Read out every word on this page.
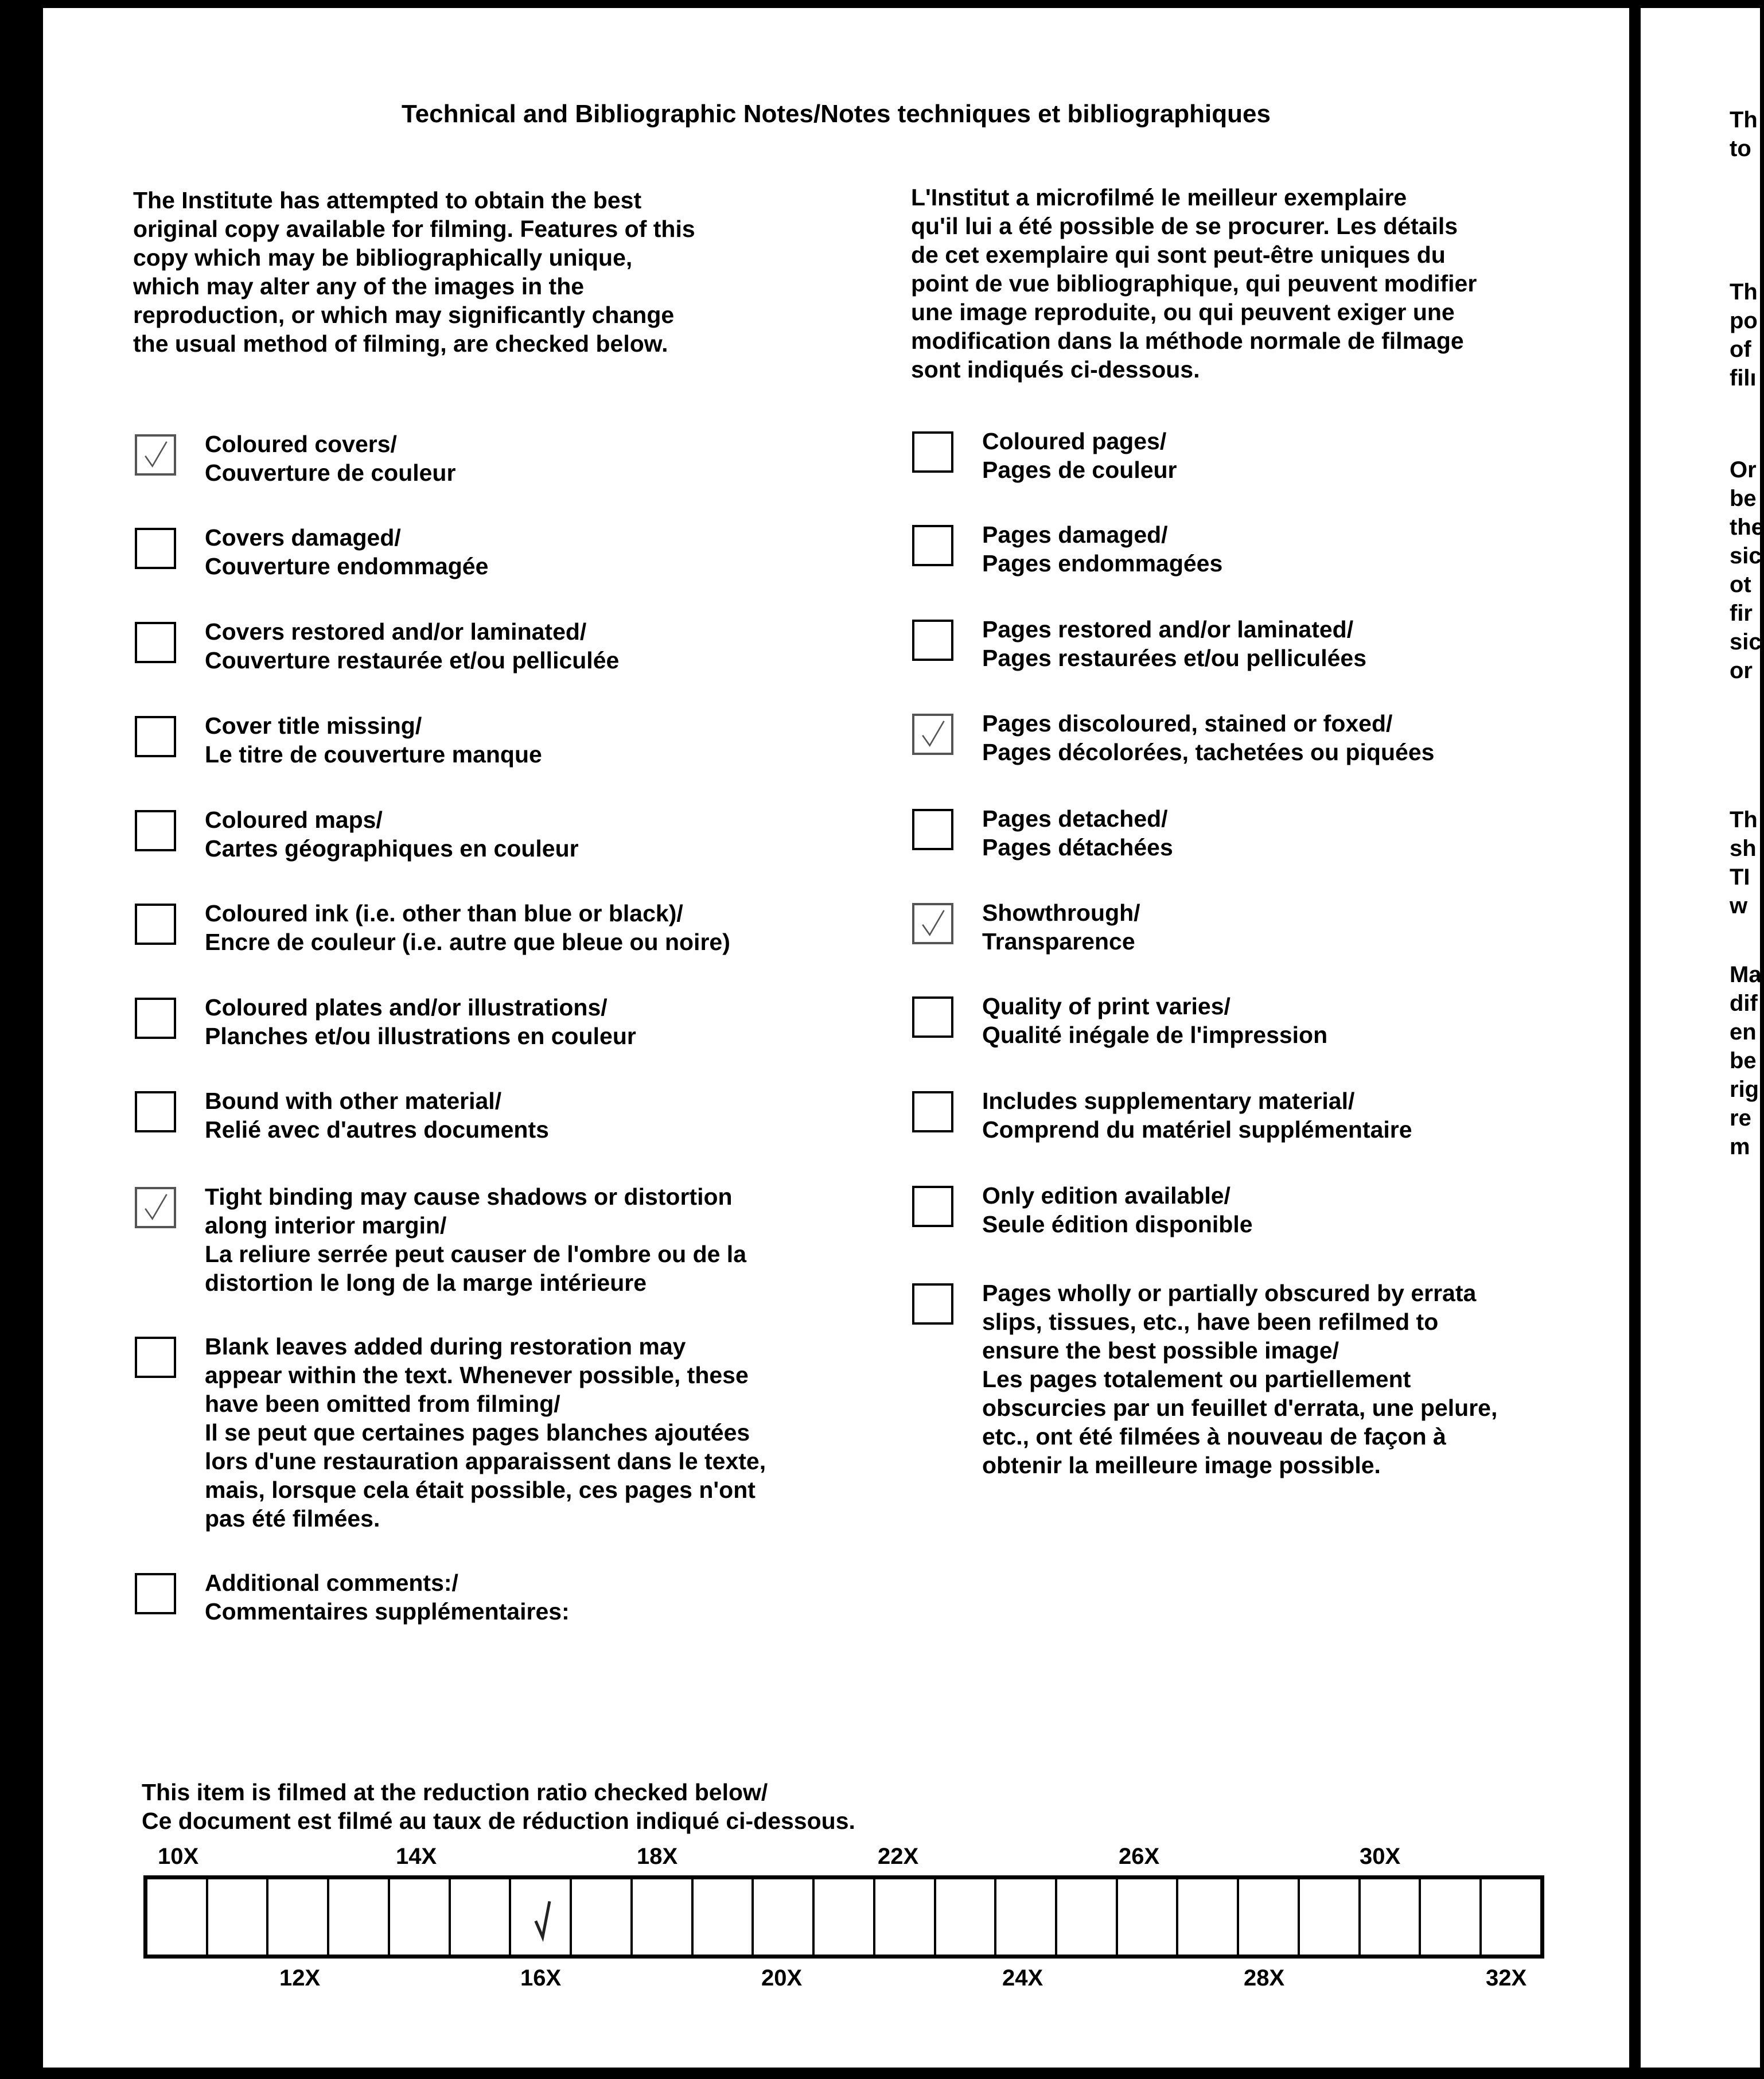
Technical and Bibliographic Notes/Notes techniques et bibliographiques
The Institute has attempted to obtain the best
original copy available for filming. Features of this
copy which may be bibliographically unique,
which may alter any of the images in the
reproduction, or which may significantly change
the usual method of filming, are checked below.
L'Institut a microfilmé le meilleur exemplaire
qu'il lui a été possible de se procurer. Les détails
de cet exemplaire qui sont peut-être uniques du
point de vue bibliographique, qui peuvent modifier
une image reproduite, ou qui peuvent exiger une
modification dans la méthode normale de filmage
sont indiqués ci-dessous.
Coloured covers/
Couverture de couleur
Covers damaged/
Couverture endommagée
Covers restored and/or laminated/
Couverture restaurée et/ou pelliculée
Cover title missing/
Le titre de couverture manque
Coloured maps/
Cartes géographiques en couleur
Coloured ink (i.e. other than blue or black)/
Encre de couleur (i.e. autre que bleue ou noire)
Coloured plates and/or illustrations/
Planches et/ou illustrations en couleur
Bound with other material/
Relié avec d'autres documents
Tight binding may cause shadows or distortion
along interior margin/
La reliure serrée peut causer de l'ombre ou de la
distortion le long de la marge intérieure
Blank leaves added during restoration may
appear within the text. Whenever possible, these
have been omitted from filming/
Il se peut que certaines pages blanches ajoutées
lors d'une restauration apparaissent dans le texte,
mais, lorsque cela était possible, ces pages n'ont
pas été filmées.
Additional comments:/
Commentaires supplémentaires:
Coloured pages/
Pages de couleur
Pages damaged/
Pages endommagées
Pages restored and/or laminated/
Pages restaurées et/ou pelliculées
Pages discoloured, stained or foxed/
Pages décolorées, tachetées ou piquées
Pages detached/
Pages détachées
Showthrough/
Transparence
Quality of print varies/
Qualité inégale de l'impression
Includes supplementary material/
Comprend du matériel supplémentaire
Only edition available/
Seule édition disponible
Pages wholly or partially obscured by errata
slips, tissues, etc., have been refilmed to
ensure the best possible image/
Les pages totalement ou partiellement
obscurcies par un feuillet d'errata, une pelure,
etc., ont été filmées à nouveau de façon à
obtenir la meilleure image possible.
This item is filmed at the reduction ratio checked below/
Ce document est filmé au taux de réduction indiqué ci-dessous.
10X	14X	18X	22X	26X	30X
12X	16X	20X	24X	28X	32X
Th
to
Th
po
of
filı
Or
be
the
sic
ot
fir
sic
or
Th
sh
TI
w
Ma
dif
en
be
rig
re
m
